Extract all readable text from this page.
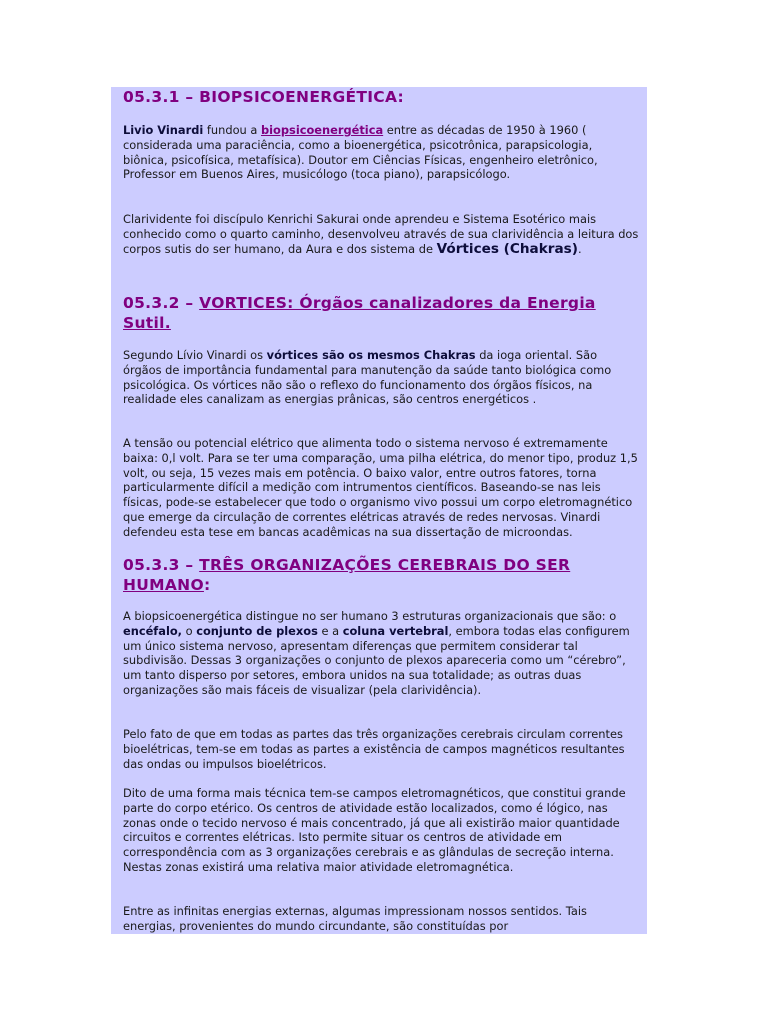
05.3.1 – BIOPSICOENERGÉTICA:

Livio Vinardi fundou a biopsicoenergética entre as décadas de 1950 à 1960 ( considerada uma paraciência, como a bioenergética, psicotrônica, parapsicologia, biônica, psicofísica, metafísica). Doutor em Ciências Físicas, engenheiro eletrônico, Professor em Buenos Aires, musicólogo (toca piano), parapsicólogo.

Clarividente foi discípulo Kenrichi Sakurai onde aprendeu e Sistema Esotérico mais conhecido como o quarto caminho, desenvolveu através de sua clarividência a leitura dos corpos sutis do ser humano, da Aura e dos sistema de Vórtices (Chakras).

05.3.2 – VORTICES: Órgãos canalizadores da Energia Sutil.

Segundo Lívio Vinardi os vórtices são os mesmos Chakras da ioga oriental. São órgãos de importância fundamental para manutenção da saúde tanto biológica como psicológica. Os vórtices não são o reflexo do funcionamento dos órgãos físicos, na realidade eles canalizam as energias prânicas, são centros energéticos .

A tensão ou potencial elétrico que alimenta todo o sistema nervoso é extremamente baixa: 0,l volt. Para se ter uma comparação, uma pilha elétrica, do menor tipo, produz 1,5 volt, ou seja, 15 vezes mais em potência. O baixo valor, entre outros fatores, torna particularmente difícil a medição com intrumentos científicos. Baseando-se nas leis físicas, pode-se estabelecer que todo o organismo vivo possui um corpo eletromagnético que emerge da circulação de correntes elétricas através de redes nervosas. Vinardi defendeu esta tese em bancas acadêmicas na sua dissertação de microondas.

05.3.3 – TRÊS ORGANIZAÇÕES CEREBRAIS DO SER HUMANO:

A biopsicoenergética distingue no ser humano 3 estruturas organizacionais que são: o encéfalo, o conjunto de plexos e a coluna vertebral, embora todas elas configurem um único sistema nervoso, apresentam diferenças que permitem considerar tal subdivisão. Dessas 3 organizações o conjunto de plexos apareceria como um “cérebro”, um tanto disperso por setores, embora unidos na sua totalidade; as outras duas organizações são mais fáceis de visualizar (pela clarividência).

Pelo fato de que em todas as partes das três organizações cerebrais circulam correntes bioelétricas, tem-se em todas as partes a existência de campos magnéticos resultantes das ondas ou impulsos bioelétricos.

Dito de uma forma mais técnica tem-se campos eletromagnéticos, que constitui grande parte do corpo etérico. Os centros de atividade estão localizados, como é lógico, nas zonas onde o tecido nervoso é mais concentrado, já que ali existirão maior quantidade circuitos e correntes elétricas. Isto permite situar os centros de atividade em correspondência com as 3 organizações cerebrais e as glândulas de secreção interna. Nestas zonas existirá uma relativa maior atividade eletromagnética.

Entre as infinitas energias externas, algumas impressionam nossos sentidos. Tais energias, provenientes do mundo circundante, são constituídas por
